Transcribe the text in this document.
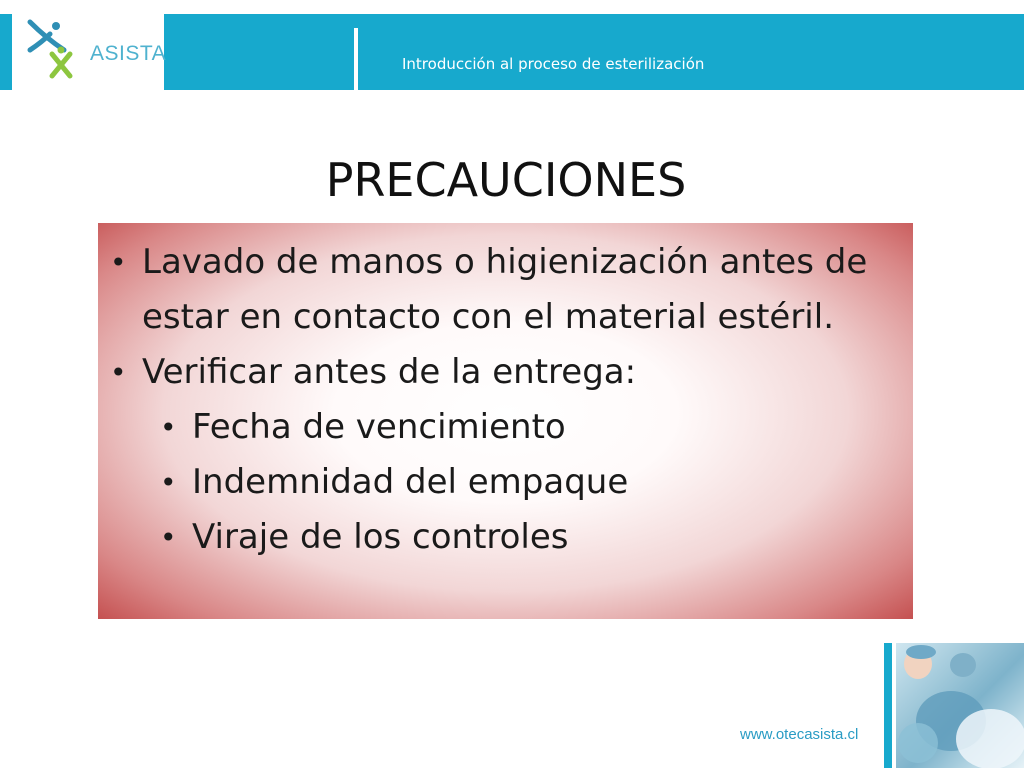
ASISTA	Introducción al proceso de esterilización
PRECAUCIONES
• Lavado de manos o higienización antes de estar en contacto con el material estéril.
• Verificar antes de la entrega:
• Fecha de vencimiento
• Indemnidad del empaque
• Viraje de los controles
www.otecasista.cl
